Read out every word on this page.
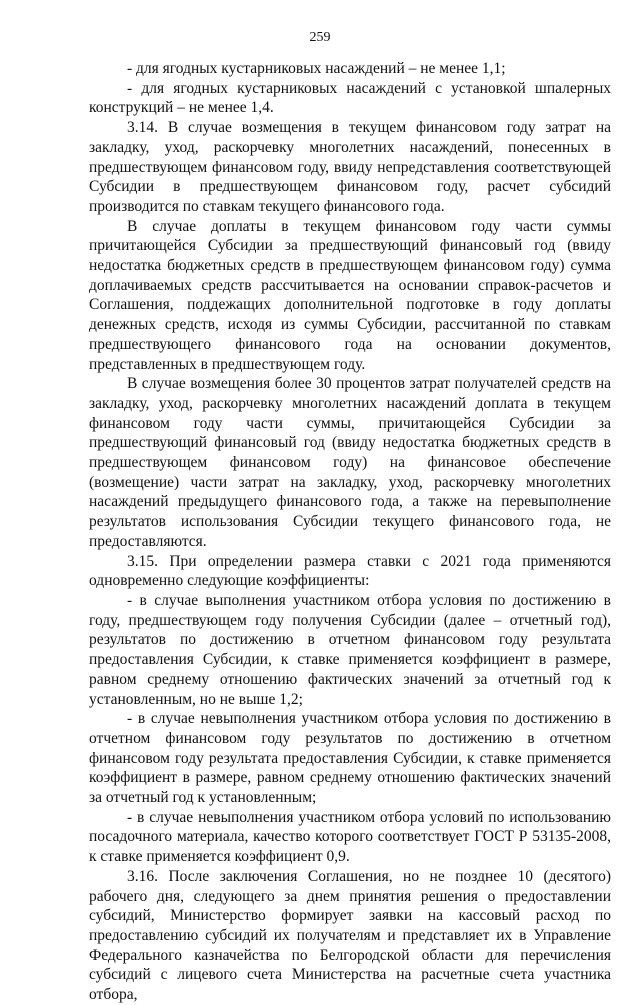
259

- для ягодных кустарниковых насаждений – не менее 1,1;

- для ягодных кустарниковых насаждений с установкой шпалерных конструкций – не менее 1,4.

3.14. В случае возмещения в текущем финансовом году затрат на закладку, уход, раскорчевку многолетних насаждений, понесенных в предшествующем финансовом году, ввиду непредставления соответствующей Субсидии в предшествующем финансовом году, расчет субсидий производится по ставкам текущего финансового года.

В случае доплаты в текущем финансовом году части суммы причитающейся Субсидии за предшествующий финансовый год (ввиду недостатка бюджетных средств в предшествующем финансовом году) сумма доплачиваемых средств рассчитывается на основании справок-расчетов и Соглашения, поддежащих дополнительной подготовке в году доплаты денежных средств, исходя из суммы Субсидии, рассчитанной по ставкам предшествующего финансового года на основании документов, представленных в предшествующем году.

В случае возмещения более 30 процентов затрат получателей средств на закладку, уход, раскорчевку многолетних насаждений доплата в текущем финансовом году части суммы, причитающейся Субсидии за предшествующий финансовый год (ввиду недостатка бюджетных средств в предшествующем финансовом году) на финансовое обеспечение (возмещение) части затрат на закладку, уход, раскорчевку многолетних насаждений предыдущего финансового года, а также на перевыполнение результатов использования Субсидии текущего финансового года, не предоставляются.

3.15. При определении размера ставки с 2021 года применяются одновременно следующие коэффициенты:

- в случае выполнения участником отбора условия по достижению в году, предшествующем году получения Субсидии (далее – отчетный год), результатов по достижению в отчетном финансовом году результата предоставления Субсидии, к ставке применяется коэффициент в размере, равном среднему отношению фактических значений за отчетный год к установленным, но не выше 1,2;

- в случае невыполнения участником отбора условия по достижению в отчетном финансовом году результатов по достижению в отчетном финансовом году результата предоставления Субсидии, к ставке применяется коэффициент в размере, равном среднему отношению фактических значений за отчетный год к установленным;

- в случае невыполнения участником отбора условий по использованию посадочного материала, качество которого соответствует ГОСТ Р 53135-2008, к ставке применяется коэффициент 0,9.

3.16. После заключения Соглашения, но не позднее 10 (десятого) рабочего дня, следующего за днем принятия решения о предоставлении субсидий, Министерство формирует заявки на кассовый расход по предоставлению субсидий их получателям и представляет их в Управление Федерального казначейства по Белгородской области для перечисления субсидий с лицевого счета Министерства на расчетные счета участника отбора,
